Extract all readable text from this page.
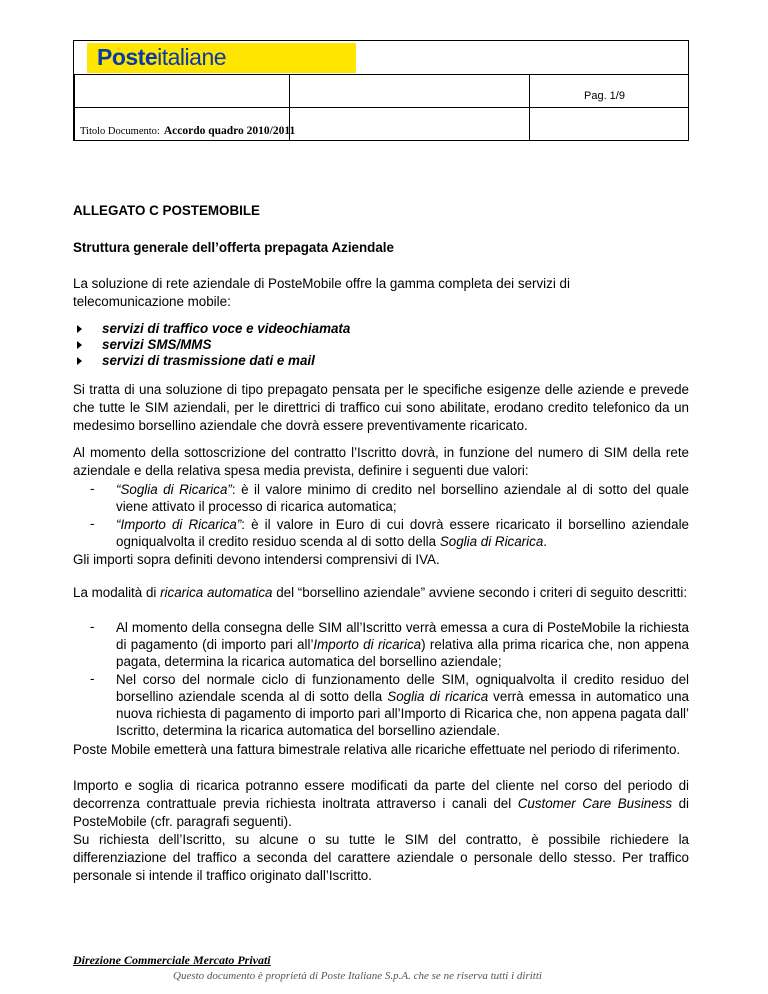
Posteitaliane
Pag. 1/9
Titolo Documento: Accordo quadro 2010/2011
ALLEGATO C POSTEMOBILE
Struttura generale dell’offerta prepagata Aziendale
La soluzione di rete aziendale di PosteMobile offre la gamma completa dei servizi di
telecomunicazione mobile:
servizi di traffico voce e videochiamata
servizi SMS/MMS
servizi di trasmissione dati e mail
Si tratta di una soluzione di tipo prepagato pensata per le specifiche esigenze delle aziende e prevede che tutte le SIM aziendali, per le direttrici di traffico cui sono abilitate, erodano credito telefonico da un medesimo borsellino aziendale che dovrà essere preventivamente ricaricato.
Al momento della sottoscrizione del contratto l’Iscritto dovrà, in funzione del numero di SIM della rete aziendale e della relativa spesa media prevista, definire i seguenti due valori:
- “Soglia di Ricarica”: è il valore minimo di credito nel borsellino aziendale al di sotto del quale viene attivato il processo di ricarica automatica;
- “Importo di Ricarica”: è il valore in Euro di cui dovrà essere ricaricato il borsellino aziendale ogniqualvolta il credito residuo scenda al di sotto della Soglia di Ricarica.
Gli importi sopra definiti devono intendersi comprensivi di IVA.
La modalità di ricarica automatica del “borsellino aziendale” avviene secondo i criteri di seguito descritti:
- Al momento della consegna delle SIM all’Iscritto verrà emessa a cura di PosteMobile la richiesta di pagamento (di importo pari all’Importo di ricarica) relativa alla prima ricarica che, non appena pagata, determina la ricarica automatica del borsellino aziendale;
- Nel corso del normale ciclo di funzionamento delle SIM, ogniqualvolta il credito residuo del borsellino aziendale scenda al di sotto della Soglia di ricarica verrà emessa in automatico una nuova richiesta di pagamento di importo pari all’Importo di Ricarica che, non appena pagata dall’ Iscritto, determina la ricarica automatica del borsellino aziendale.
Poste Mobile emetterà una fattura bimestrale relativa alle ricariche effettuate nel periodo di riferimento.
Importo e soglia di ricarica potranno essere modificati da parte del cliente nel corso del periodo di decorrenza contrattuale previa richiesta inoltrata attraverso i canali del Customer Care Business di PosteMobile (cfr. paragrafi seguenti).
Su richiesta dell’Iscritto, su alcune o su tutte le SIM del contratto, è possibile richiedere la differenziazione del traffico a seconda del carattere aziendale o personale dello stesso. Per traffico personale si intende il traffico originato dall’Iscritto.
Direzione Commerciale Mercato Privati
Questo documento è proprietà di Poste Italiane S.p.A. che se ne riserva tutti i diritti
